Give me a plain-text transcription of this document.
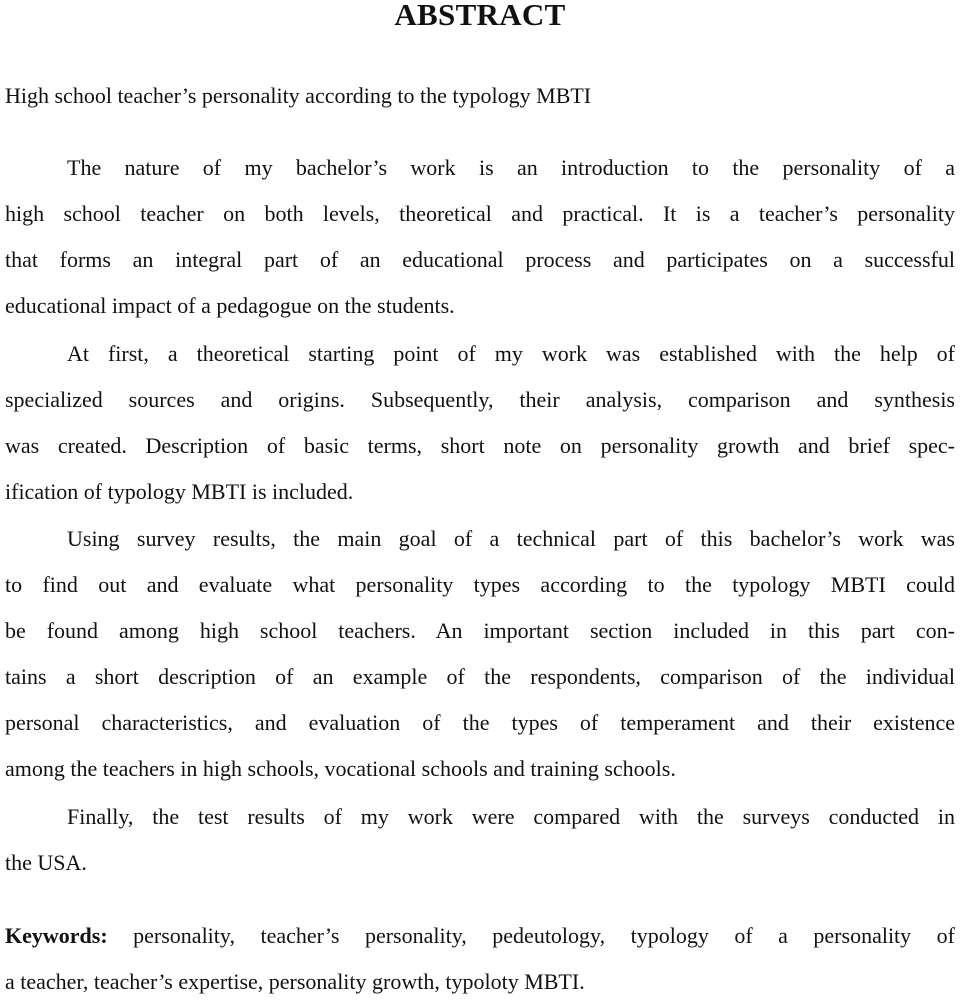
ABSTRACT

High school teacher’s personality according to the typology MBTI

The nature of my bachelor’s work is an introduction to the personality of a
high school teacher on both levels, theoretical and practical. It is a teacher’s personality
that forms an integral part of an educational process and participates on a successful
educational impact of a pedagogue on the students.

At first, a theoretical starting point of my work was established with the help of
specialized sources and origins. Subsequently, their analysis, comparison and synthesis
was created. Description of basic terms, short note on personality growth and brief spec-
ification of typology MBTI is included.

Using survey results, the main goal of a technical part of this bachelor’s work was
to find out and evaluate what personality types according to the typology MBTI could
be found among high school teachers. An important section included in this part con-
tains a short description of an example of the respondents, comparison of the individual
personal characteristics, and evaluation of the types of temperament and their existence
among the teachers in high schools, vocational schools and training schools.

Finally, the test results of my work were compared with the surveys conducted in
the USA.

Keywords: personality, teacher’s personality, pedeutology, typology of a personality of
a teacher, teacher’s expertise, personality growth, typoloty MBTI.
